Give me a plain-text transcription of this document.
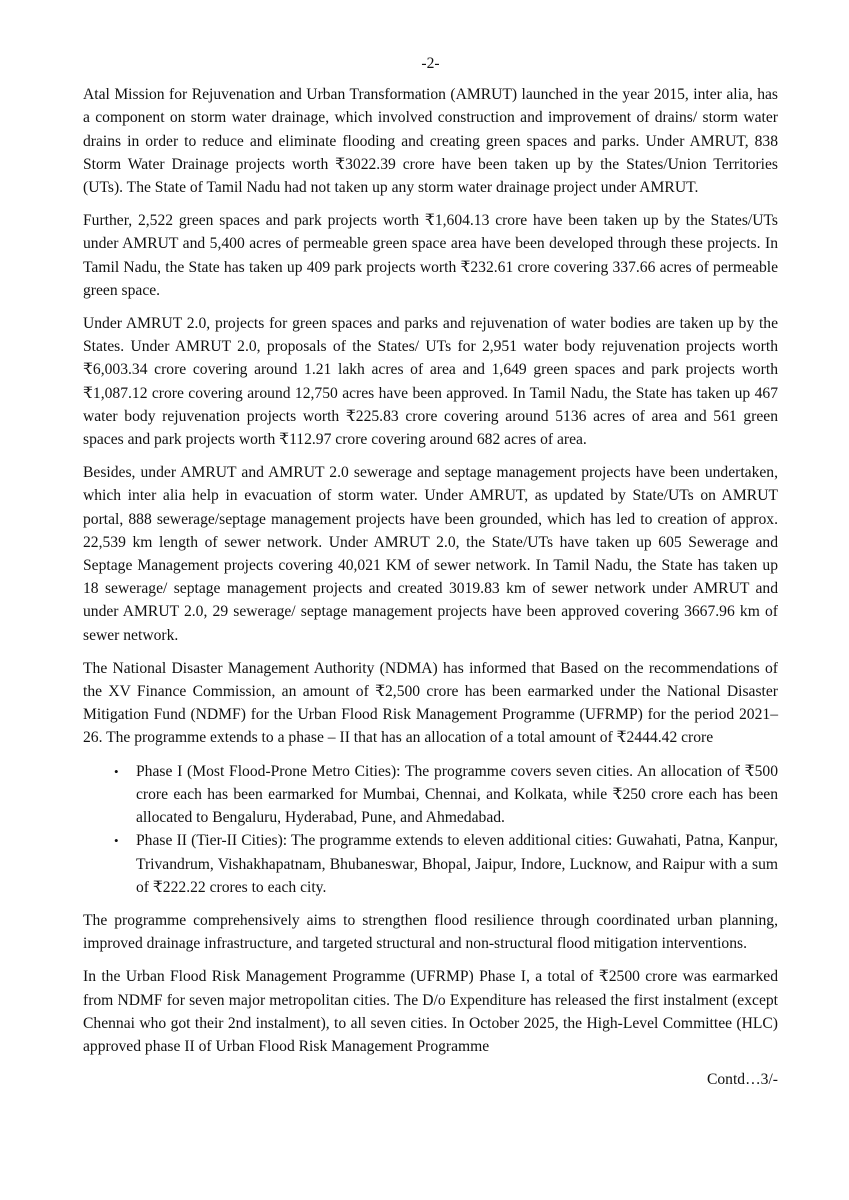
-2-

Atal Mission for Rejuvenation and Urban Transformation (AMRUT) launched in the year 2015, inter alia, has a component on storm water drainage, which involved construction and improvement of drains/ storm water drains in order to reduce and eliminate flooding and creating green spaces and parks. Under AMRUT, 838 Storm Water Drainage projects worth ₹3022.39 crore have been taken up by the States/Union Territories (UTs). The State of Tamil Nadu had not taken up any storm water drainage project under AMRUT.

Further, 2,522 green spaces and park projects worth ₹1,604.13 crore have been taken up by the States/UTs under AMRUT and 5,400 acres of permeable green space area have been developed through these projects. In Tamil Nadu, the State has taken up 409 park projects worth ₹232.61 crore covering 337.66 acres of permeable green space.

Under AMRUT 2.0, projects for green spaces and parks and rejuvenation of water bodies are taken up by the States. Under AMRUT 2.0, proposals of the States/ UTs for 2,951 water body rejuvenation projects worth ₹6,003.34 crore covering around 1.21 lakh acres of area and 1,649 green spaces and park projects worth ₹1,087.12 crore covering around 12,750 acres have been approved. In Tamil Nadu, the State has taken up 467 water body rejuvenation projects worth ₹225.83 crore covering around 5136 acres of area and 561 green spaces and park projects worth ₹112.97 crore covering around 682 acres of area.

Besides, under AMRUT and AMRUT 2.0 sewerage and septage management projects have been undertaken, which inter alia help in evacuation of storm water. Under AMRUT, as updated by State/UTs on AMRUT portal, 888 sewerage/septage management projects have been grounded, which has led to creation of approx. 22,539 km length of sewer network. Under AMRUT 2.0, the State/UTs have taken up 605 Sewerage and Septage Management projects covering 40,021 KM of sewer network. In Tamil Nadu, the State has taken up 18 sewerage/ septage management projects and created 3019.83 km of sewer network under AMRUT and under AMRUT 2.0, 29 sewerage/ septage management projects have been approved covering 3667.96 km of sewer network.

The National Disaster Management Authority (NDMA) has informed that Based on the recommendations of the XV Finance Commission, an amount of ₹2,500 crore has been earmarked under the National Disaster Mitigation Fund (NDMF) for the Urban Flood Risk Management Programme (UFRMP) for the period 2021–26. The programme extends to a phase – II that has an allocation of a total amount of ₹2444.42 crore

• Phase I (Most Flood-Prone Metro Cities): The programme covers seven cities. An allocation of ₹500 crore each has been earmarked for Mumbai, Chennai, and Kolkata, while ₹250 crore each has been allocated to Bengaluru, Hyderabad, Pune, and Ahmedabad.
• Phase II (Tier-II Cities): The programme extends to eleven additional cities: Guwahati, Patna, Kanpur, Trivandrum, Vishakhapatnam, Bhubaneswar, Bhopal, Jaipur, Indore, Lucknow, and Raipur with a sum of ₹222.22 crores to each city.

The programme comprehensively aims to strengthen flood resilience through coordinated urban planning, improved drainage infrastructure, and targeted structural and non-structural flood mitigation interventions.

In the Urban Flood Risk Management Programme (UFRMP) Phase I, a total of ₹2500 crore was earmarked from NDMF for seven major metropolitan cities. The D/o Expenditure has released the first instalment (except Chennai who got their 2nd instalment), to all seven cities. In October 2025, the High-Level Committee (HLC) approved phase II of Urban Flood Risk Management Programme

Contd…3/-
